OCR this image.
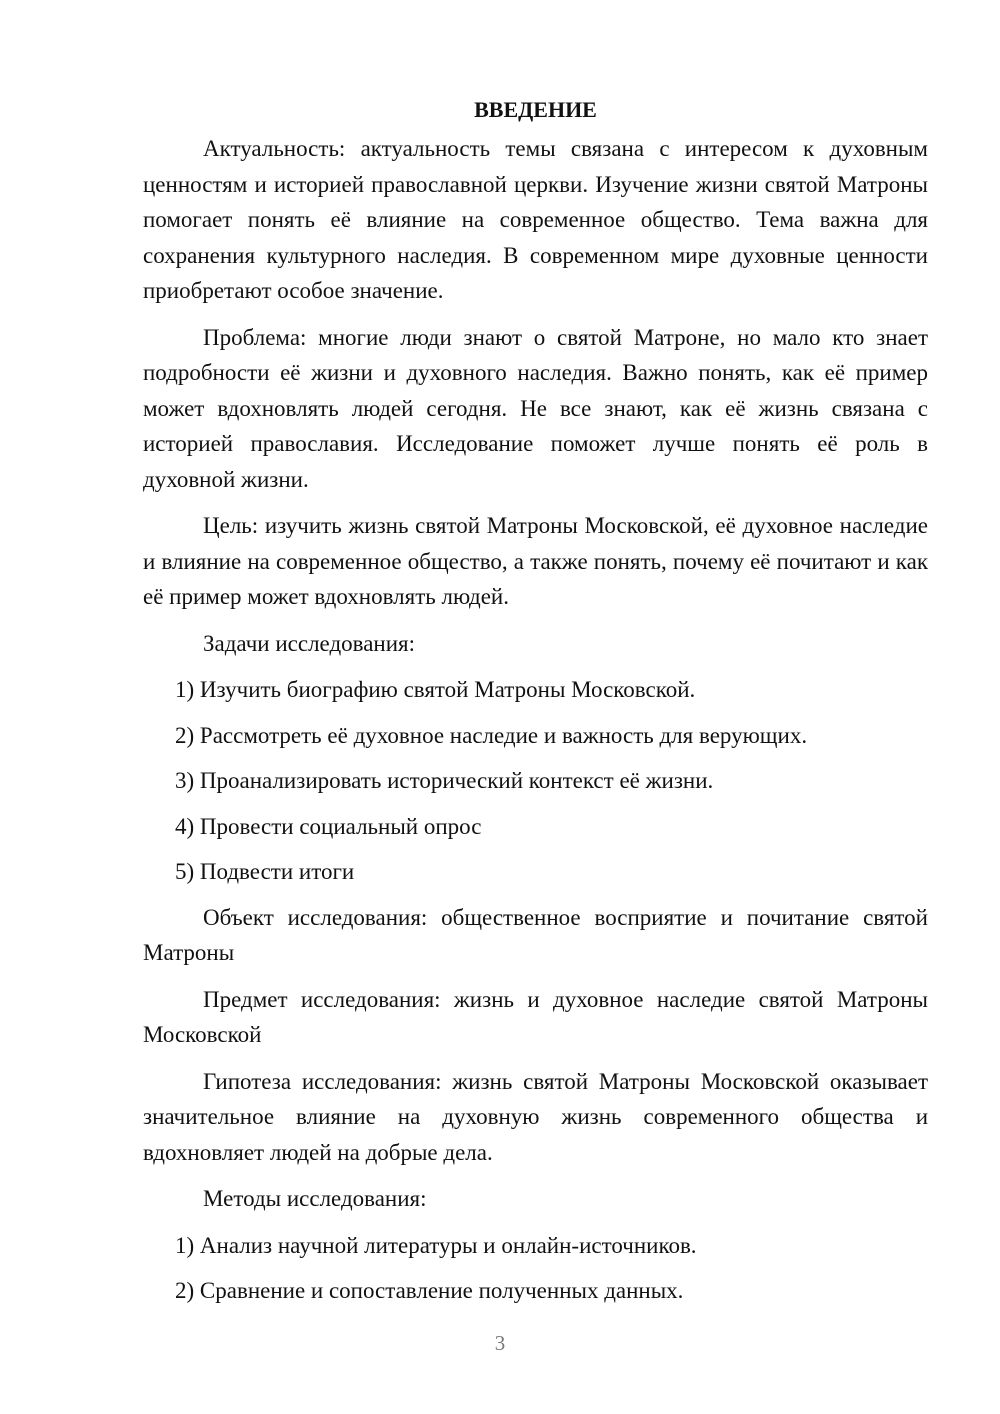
ВВЕДЕНИЕ

Актуальность: актуальность темы связана с интересом к духовным ценностям и историей православной церкви. Изучение жизни святой Матроны помогает понять её влияние на современное общество. Тема важна для сохранения культурного наследия. В современном мире духовные ценности приобретают особое значение.

Проблема: многие люди знают о святой Матроне, но мало кто знает подробности её жизни и духовного наследия. Важно понять, как её пример может вдохновлять людей сегодня. Не все знают, как её жизнь связана с историей православия. Исследование поможет лучше понять её роль в духовной жизни.

Цель: изучить жизнь святой Матроны Московской, её духовное наследие и влияние на современное общество, а также понять, почему её почитают и как её пример может вдохновлять людей.

Задачи исследования:

1) Изучить биографию святой Матроны Московской.

2) Рассмотреть её духовное наследие и важность для верующих.

3) Проанализировать исторический контекст её жизни.

4) Провести социальный опрос

5) Подвести итоги

Объект исследования: общественное восприятие и почитание святой Матроны

Предмет исследования: жизнь и духовное наследие святой Матроны Московской

Гипотеза исследования: жизнь святой Матроны Московской оказывает значительное влияние на духовную жизнь современного общества и вдохновляет людей на добрые дела.

Методы исследования:

1) Анализ научной литературы и онлайн-источников.

2) Сравнение и сопоставление полученных данных.

3
